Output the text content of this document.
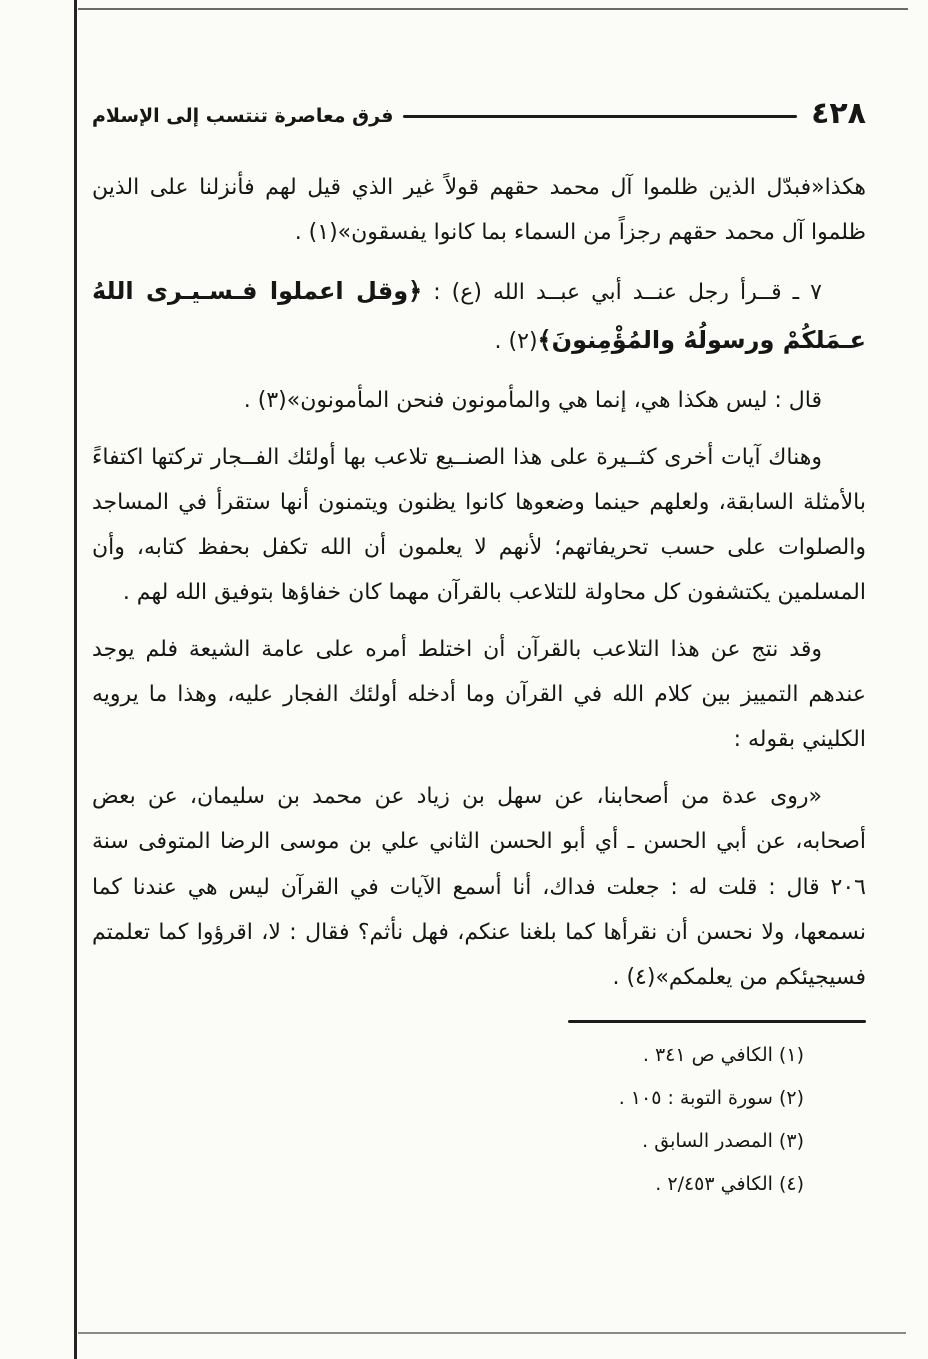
٤٢٨
فرق معاصرة تنتسب إلى الإسلام

هكذا«فبدّل الذين ظلموا آل محمد حقهم قولاً غير الذي قيل لهم فأنزلنا على الذين ظلموا آل محمد حقهم رجزاً من السماء بما كانوا يفسقون»(١) .

٧ ـ قــرأ رجل عنــد أبي عبــد الله (ع) : ﴿وقل اعملوا فـسـيـرى اللهُ عـمَلكُمْ ورسولُهُ والمُؤْمِنونَ﴾(٢) .

قال : ليس هكذا هي، إنما هي والمأمونون فنحن المأمونون»(٣) .

وهناك آيات أخرى كثــيرة على هذا الصنــيع تلاعب بها أولئك الفــجار تركتها اكتفاءً بالأمثلة السابقة، ولعلهم حينما وضعوها كانوا يظنون ويتمنون أنها ستقرأ في المساجد والصلوات على حسب تحريفاتهم؛ لأنهم لا يعلمون أن الله تكفل بحفظ كتابه، وأن المسلمين يكتشفون كل محاولة للتلاعب بالقرآن مهما كان خفاؤها بتوفيق الله لهم .

وقد نتج عن هذا التلاعب بالقرآن أن اختلط أمره على عامة الشيعة فلم يوجد عندهم التمييز بين كلام الله في القرآن وما أدخله أولئك الفجار عليه، وهذا ما يرويه الكليني بقوله :

«روى عدة من أصحابنا، عن سهل بن زياد عن محمد بن سليمان، عن بعض أصحابه، عن أبي الحسن ـ أي أبو الحسن الثاني علي بن موسى الرضا المتوفى سنة ٢٠٦ قال : قلت له : جعلت فداك، أنا أسمع الآيات في القرآن ليس هي عندنا كما نسمعها، ولا نحسن أن نقرأها كما بلغنا عنكم، فهل نأثم؟ فقال : لا، اقرؤوا كما تعلمتم فسيجيئكم من يعلمكم»(٤) .

(١) الكافي ص ٣٤١ .
(٢) سورة التوبة : ١٠٥ .
(٣) المصدر السابق .
(٤) الكافي ٢/٤٥٣ .
